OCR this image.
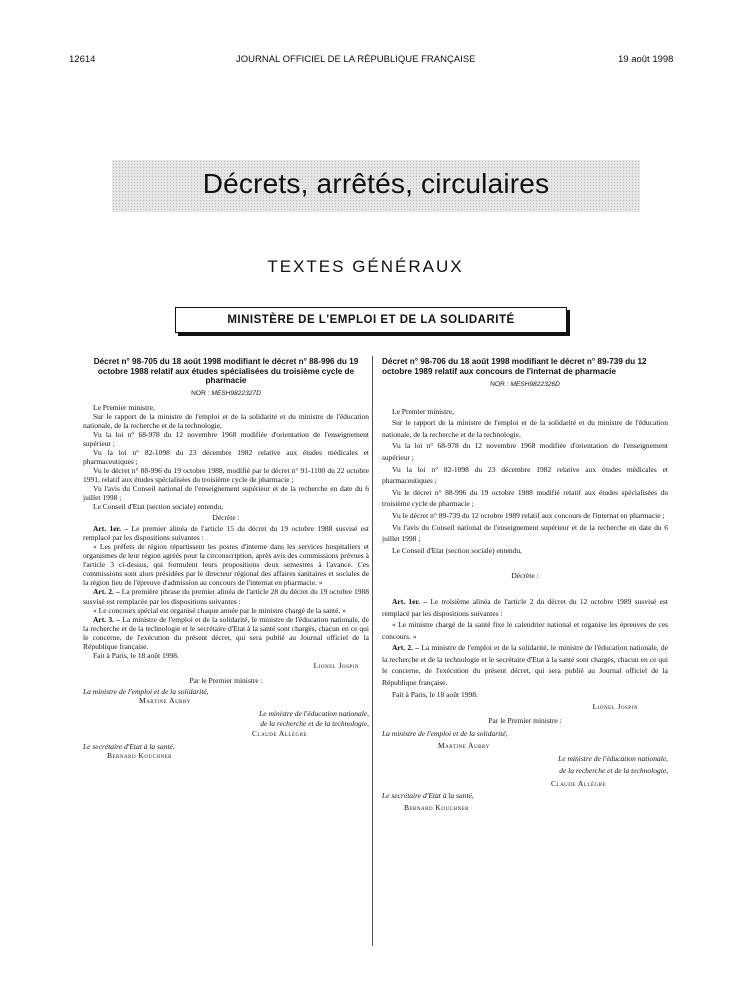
12614	JOURNAL OFFICIEL DE LA RÉPUBLIQUE FRANÇAISE	19 août 1998
Décrets, arrêtés, circulaires
TEXTES GÉNÉRAUX
MINISTÈRE DE L'EMPLOI ET DE LA SOLIDARITÉ
Décret n° 98-705 du 18 août 1998 modifiant le décret n° 88-996 du 19 octobre 1988 relatif aux études spécialisées du troisième cycle de pharmacie
NOR : MESH9822327D

Le Premier ministre,

Sur le rapport de la ministre de l'emploi et de la solidarité et du ministre de l'éducation nationale, de la recherche et de la technologie,

Vu la loi n° 68-978 du 12 novembre 1968 modifiée d'orientation de l'enseignement supérieur ;

Vu la loi n° 82-1098 du 23 décembre 1982 relative aux études médicales et pharmaceutiques ;

Vu le décret n° 88-996 du 19 octobre 1988, modifié par le décret n° 91-1100 du 22 octobre 1991, relatif aux études spécialisées du troisième cycle de pharmacie ;

Vu l'avis du Conseil national de l'enseignement supérieur et de la recherche en date du 6 juillet 1998 ;

Le Conseil d'Etat (section sociale) entendu,

Décrète :

Art. 1er. – Le premier alinéa de l'article 15 du décret du 19 octobre 1988 susvisé est remplacé par les dispositions suivantes :

« Les préfets de région répartissent les postes d'interne dans les services hospitaliers et organismes de leur région agréés pour la circonscription, après avis des commissions prévues à l'article 3 ci-dessus, qui formulent leurs propositions deux semestres à l'avance. Ces commissions sont alors présidées par le directeur régional des affaires sanitaires et sociales de la région lieu de l'épreuve d'admission au concours de l'internat en pharmacie. »

Art. 2. – La première phrase du premier alinéa de l'article 28 du décret du 19 octobre 1988 susvisé est remplacée par les dispositions suivantes :

« Le concours spécial est organisé chaque année par le ministre chargé de la santé. »

Art. 3. – La ministre de l'emploi et de la solidarité, le ministre de l'éducation nationale, de la recherche et de la technologie et le secrétaire d'Etat à la santé sont chargés, chacun en ce qui le concerne, de l'exécution du présent décret, qui sera publié au Journal officiel de la République française.

Fait à Paris, le 18 août 1998.

Lionel Jospin
Par le Premier ministre :
La ministre de l'emploi et de la solidarité,
Martine Aubry
Le ministre de l'éducation nationale,
de la recherche et de la technologie,
Claude Allègre
Le secrétaire d'Etat à la santé,
Bernard Kouchner
Décret n° 98-706 du 18 août 1998 modifiant le décret n° 89-739 du 12 octobre 1989 relatif aux concours de l'internat de pharmacie
NOR : MESH9822326D

Le Premier ministre,

Sur le rapport de la ministre de l'emploi et de la solidarité et du ministre de l'éducation nationale, de la recherche et de la technologie,

Vu la loi n° 68-978 du 12 novembre 1968 modifiée d'orientation de l'enseignement supérieur ;

Vu la loi n° 82-1098 du 23 décembre 1982 relative aux études médicales et pharmaceutiques ;

Vu le décret n° 88-996 du 19 octobre 1988 modifié relatif aux études spécialisées du troisième cycle de pharmacie ;

Vu le décret n° 89-739 du 12 octobre 1989 relatif aux concours de l'internat en pharmacie ;

Vu l'avis du Conseil national de l'enseignement supérieur et de la recherche en date du 6 juillet 1998 ;

Le Conseil d'Etat (section sociale) entendu,

Décrète :

Art. 1er. – Le troisième alinéa de l'article 2 du décret du 12 octobre 1989 susvisé est remplacé par les dispositions suivantes :

« Le ministre chargé de la santé fixe le calendrier national et organise les épreuves de ces concours. »

Art. 2. – La ministre de l'emploi et de la solidarité, le ministre de l'éducation nationale, de la recherche et de la technologie et le secrétaire d'Etat à la santé sont chargés, chacun en ce qui le concerne, de l'exécution du présent décret, qui sera publié au Journal officiel de la République française.

Fait à Paris, le 18 août 1998.

Lionel Jospin
Par le Premier ministre :
La ministre de l'emploi et de la solidarité,
Martine Aubry
Le ministre de l'éducation nationale,
de la recherche et de la technologie,
Claude Allègre
Le secrétaire d'Etat à la santé,
Bernard Kouchner
